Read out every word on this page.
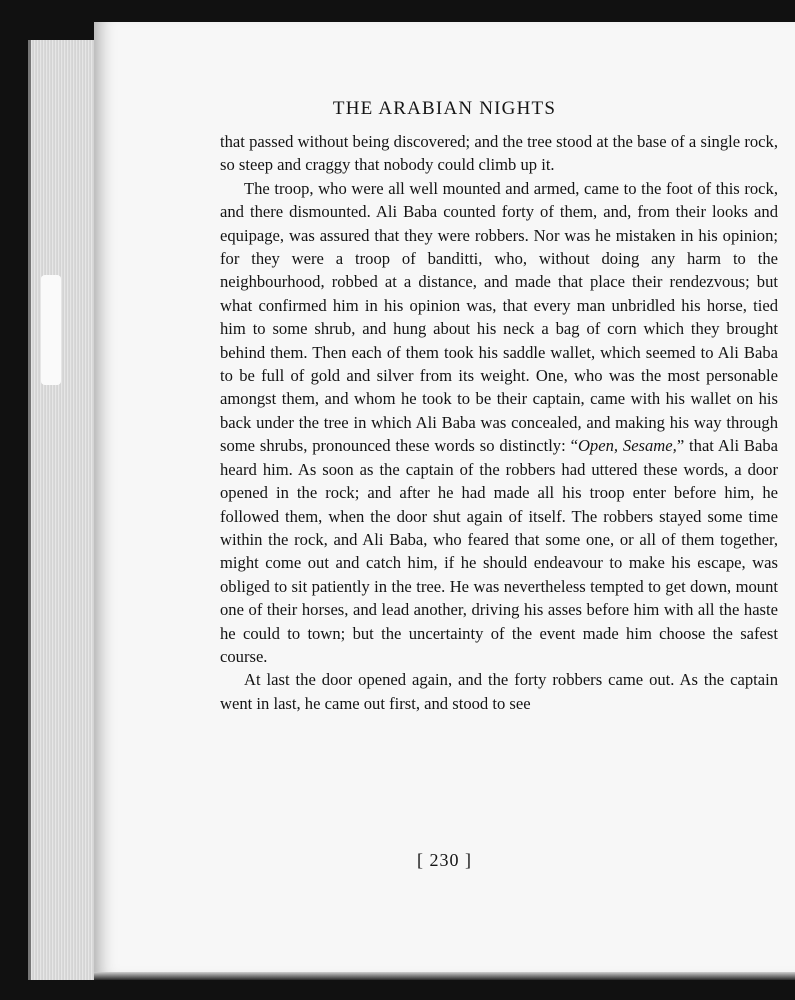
THE ARABIAN NIGHTS

that passed without being discovered; and the tree stood at the base of a single rock, so steep and craggy that nobody could climb up it.

The troop, who were all well mounted and armed, came to the foot of this rock, and there dismounted. Ali Baba counted forty of them, and, from their looks and equipage, was assured that they were robbers. Nor was he mistaken in his opinion; for they were a troop of banditti, who, without doing any harm to the neighbourhood, robbed at a distance, and made that place their rendezvous; but what confirmed him in his opinion was, that every man unbridled his horse, tied him to some shrub, and hung about his neck a bag of corn which they brought behind them. Then each of them took his saddle wallet, which seemed to Ali Baba to be full of gold and silver from its weight. One, who was the most personable amongst them, and whom he took to be their captain, came with his wallet on his back under the tree in which Ali Baba was concealed, and making his way through some shrubs, pronounced these words so distinctly: “Open, Sesame,” that Ali Baba heard him. As soon as the captain of the robbers had uttered these words, a door opened in the rock; and after he had made all his troop enter before him, he followed them, when the door shut again of itself. The robbers stayed some time within the rock, and Ali Baba, who feared that some one, or all of them together, might come out and catch him, if he should endeavour to make his escape, was obliged to sit patiently in the tree. He was nevertheless tempted to get down, mount one of their horses, and lead another, driving his asses before him with all the haste he could to town; but the uncertainty of the event made him choose the safest course.

At last the door opened again, and the forty robbers came out. As the captain went in last, he came out first, and stood to see

[ 230 ]
